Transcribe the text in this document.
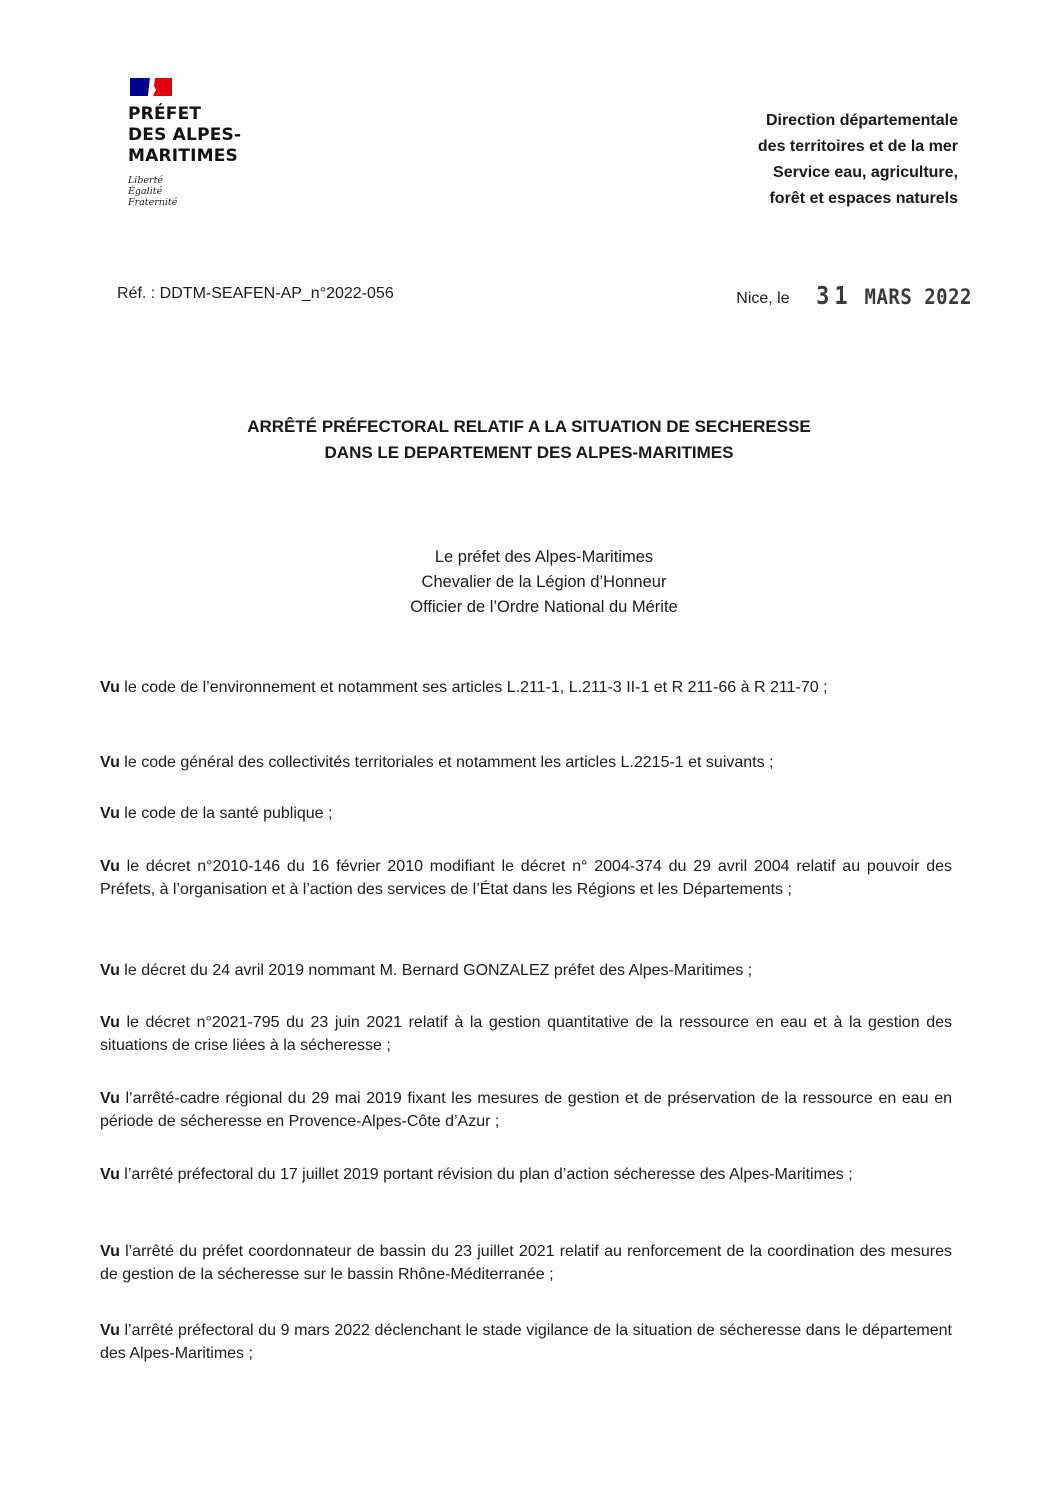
PRÉFET
DES ALPES-
MARITIMES
Liberté
Égalité
Fraternité
Direction départementale
des territoires et de la mer
Service eau, agriculture,
forêt et espaces naturels
Réf. : DDTM-SEAFEN-AP_n°2022-056	Nice, le 31 MARS 2022
ARRÊTÉ PRÉFECTORAL RELATIF A LA SITUATION DE SECHERESSE
DANS LE DEPARTEMENT DES ALPES-MARITIMES
Le préfet des Alpes-Maritimes
Chevalier de la Légion d’Honneur
Officier de l’Ordre National du Mérite
Vu le code de l’environnement et notamment ses articles L.211-1, L.211-3 II-1 et R 211-66 à R 211-70 ;
Vu le code général des collectivités territoriales et notamment les articles L.2215-1 et suivants ;
Vu le code de la santé publique ;
Vu le décret n°2010-146 du 16 février 2010 modifiant le décret n° 2004-374 du 29 avril 2004 relatif au pouvoir des Préfets, à l’organisation et à l’action des services de l’État dans les Régions et les Départements ;
Vu le décret du 24 avril 2019 nommant M. Bernard GONZALEZ préfet des Alpes-Maritimes ;
Vu le décret n°2021-795 du 23 juin 2021 relatif à la gestion quantitative de la ressource en eau et à la gestion des situations de crise liées à la sécheresse ;
Vu l’arrêté-cadre régional du 29 mai 2019 fixant les mesures de gestion et de préservation de la ressource en eau en période de sécheresse en Provence-Alpes-Côte d’Azur ;
Vu l’arrêté préfectoral du 17 juillet 2019 portant révision du plan d’action sécheresse des Alpes-Maritimes ;
Vu l’arrêté du préfet coordonnateur de bassin du 23 juillet 2021 relatif au renforcement de la coordination des mesures de gestion de la sécheresse sur le bassin Rhône-Méditerranée ;
Vu l’arrêté préfectoral du 9 mars 2022 déclenchant le stade vigilance de la situation de sécheresse dans le département des Alpes-Maritimes ;
